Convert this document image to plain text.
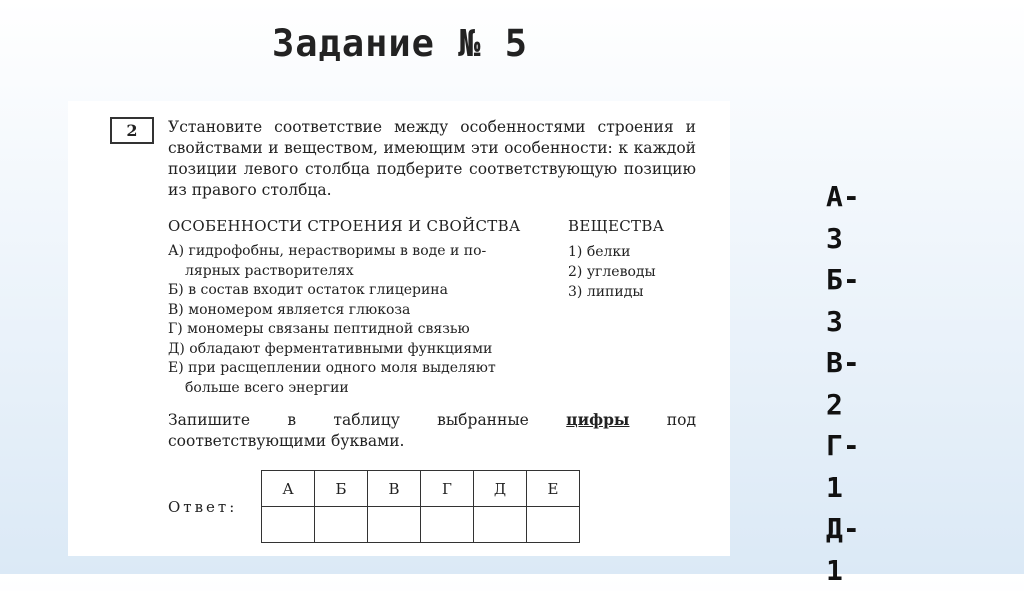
Задание № 5
2	Установите соответствие между особенностями строения и свойствами и веществом, имеющим эти особенности: к каждой позиции левого столбца подберите соответствующую позицию из правого столбца.
ОСОБЕННОСТИ СТРОЕНИЯ И СВОЙСТВА	ВЕЩЕСТВА
А) гидрофобны, нерастворимы в воде и по-
лярных растворителях
Б) в состав входит остаток глицерина
В) мономером является глюкоза
Г) мономеры связаны пептидной связью
Д) обладают ферментативными функциями
Е) при расщеплении одного моля выделяют
больше всего энергии
1) белки
2) углеводы
3) липиды
Запишите в таблицу выбранные цифры под соответствующими буквами.
Ответ:
А	Б	В	Г	Д	Е

А-
3
Б-
3
В-
2
Г-
1
Д-
1
